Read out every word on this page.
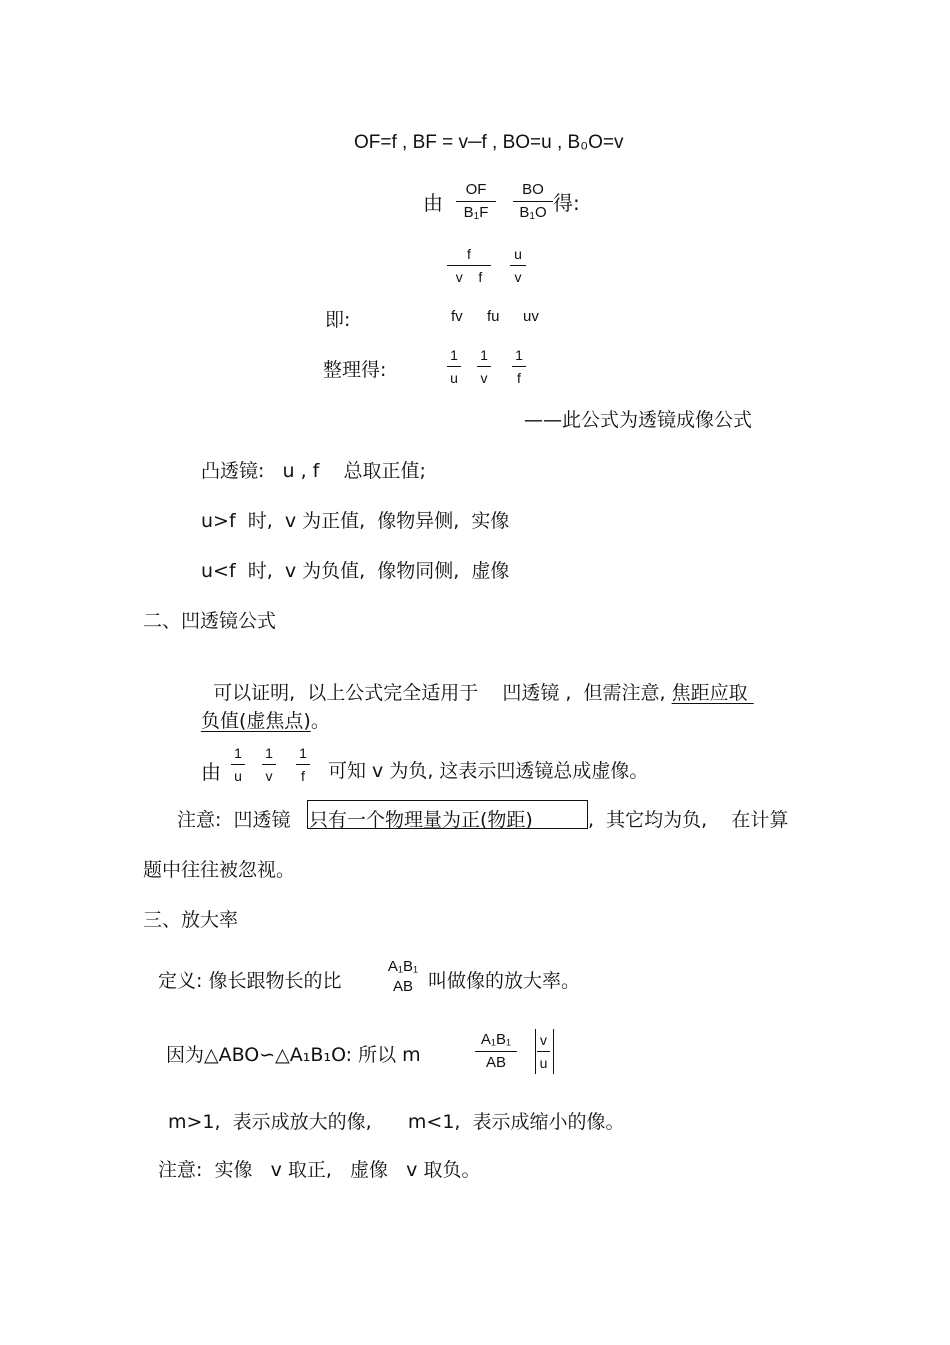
OF=f , BF = v─f , BO=u , B₀O=v
由
OF
$B_1F$
BO
$B_1O$ 得:
f
v    f
u
v
即:	fv fu uv
整理得:
1
u
1
v
1
f
——此公式为透镜成像公式
凸透镜:   u , f    总取正值;
u>f  时,  v 为正值,  像物异侧,  实像
u<f  时,  v 为负值,  像物同侧,  虚像
二、凹透镜公式

可以证明,  以上公式完全适用于    凹透镜 ,  但需注意, 焦距应取

负值(虚焦点)。
由
1
u
1
v
1
f 可知 v 为负, 这表示凹透镜总成虚像。
注意:  凹透镜 只有一个物理量为正(物距)	,  其它均为负,    在计算
题中往往被忽视。
三、放大率
定义: 像长跟物长的比
A₁B₁
AB 叫做像的放大率。
因为△ABO∽△A₁B₁O: 所以 m
A₁B₁
AB
v
u
m>1,  表示成放大的像,      m<1,  表示成缩小的像。
注意:  实像   v 取正,   虚像   v 取负。
